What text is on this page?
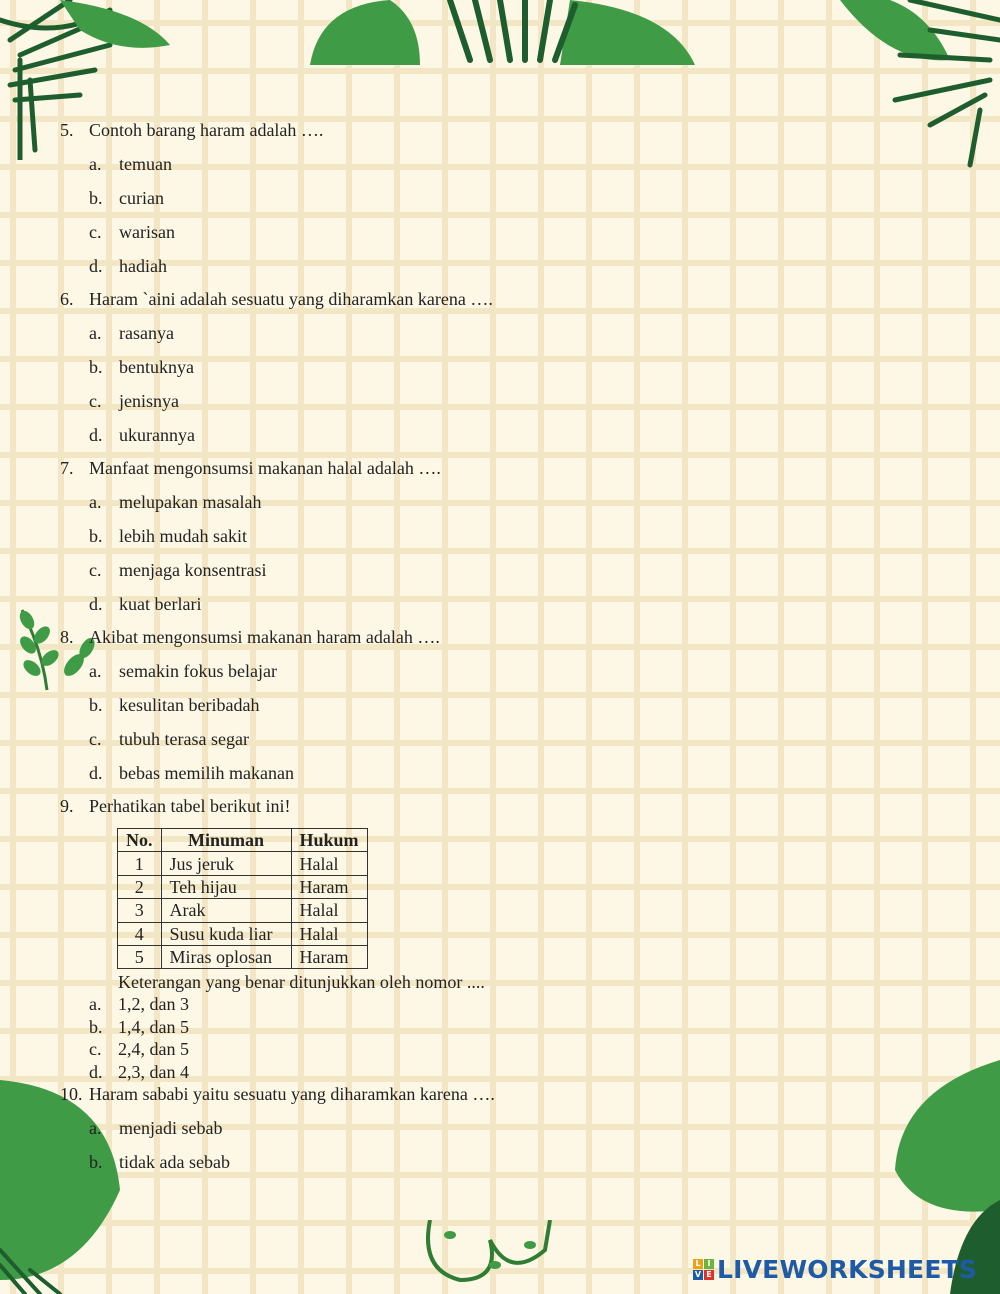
5. Contoh barang haram adalah ….
a. temuan
b. curian
c. warisan
d. hadiah
6. Haram `aini adalah sesuatu yang diharamkan karena ….
a. rasanya
b. bentuknya
c. jenisnya
d. ukurannya
7. Manfaat mengonsumsi makanan halal adalah ….
a. melupakan masalah
b. lebih mudah sakit
c. menjaga konsentrasi
d. kuat berlari
8. Akibat mengonsumsi makanan haram adalah ….
a. semakin fokus belajar
b. kesulitan beribadah
c. tubuh terasa segar
d. bebas memilih makanan
9. Perhatikan tabel berikut ini!
No.	Minuman	Hukum
1	Jus jeruk	Halal
2	Teh hijau	Haram
3	Arak	Halal
4	Susu kuda liar	Halal
5	Miras oplosan	Haram
Keterangan yang benar ditunjukkan oleh nomor ....
a. 1,2, dan 3
b. 1,4, dan 5
c. 2,4, dan 5
d. 2,3, dan 4
10. Haram sababi yaitu sesuatu yang diharamkan karena ….
a. menjadi sebab
b. tidak ada sebab
L I
V E LIVEWORKSHEETS
